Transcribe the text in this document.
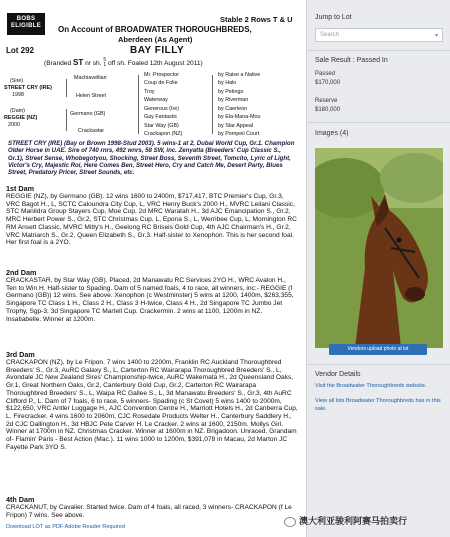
BOBS
ELIGIBLE
Stable 2 Rows T & U
On Account of BROADWATER THOROUGHBREDS,
Aberdeen (As Agent)
Lot 292	BAY FILLY
(Branded ST nr sh. 5
1 off sh. Foaled 12th August 2011)
(Sire)
STREET CRY (IRE)
1998
(Dam)
REGGIE (NZ)
2000
Machiavellian
Helen Street
Germano (GB)
Crackastar
Mr. Prospector
Coup de Folie
Troy
Waterway
Generous (Ire)
Gay Fantastic
Star Way (GB)
Crackapon (NZ)
by Raise a Native
by Halo
by Petingo
by Riverman
by Caerleon
by Ela-Mana-Mou
by Star Appeal
by Pompeii Court
STREET CRY (IRE) (Bay or Brown 1998-Stud 2003). 5 wins-1 at 2, Dubai World Cup, Gr.1. Champion Older Horse in UAE. Sire of 740 rnrs, 492 wnrs, 58 SW, inc. Zenyatta (Breeders' Cup Classic S., Gr.1), Street Sense, Whobegotyou, Shocking, Street Boss, Seventh Street, Tomcito, Lyric of Light, Victor's Cry, Majestic Roi, Here Comes Ben, Street Hero, Cry and Catch Me, Desert Party, Blues Street, Predatory Pricer, Street Sounds, etc.
1st Dam
REGGIE (NZ), by Germano (GB). 12 wins 1600 to 2400m, $717,417, BTC Premier's Cup, Gr.3, VRC Bagot H., L, SCTC Caloundra City Cup, L, VRC Henry Buck's 2000 H., MVRC Leilani Classic, STC Manildra Group Stayers Cup, Moe Cup, 2d MRC Waratah H., 3d AJC Emancipation S., Gr.2, MRC Herbert Power S., Gr.2, STC Christmas Cup, L, Epona S., L, Werribee Cup, L, Mornington RC RM Ansett Classic, MVRC Mitty's H., Geelong RC Briseis Gold Cup, 4th AJC Chairman's H., Gr.2, VRC Matriarch S., Gr.2, Queen Elizabeth S., Gr.3. Half-sister to Xenophon. This is her second foal. Her first foal is a 2YO.
2nd Dam
CRACKASTAR, by Star Way (GB). Placed, 2d Manawatu RC Services 2YO H., WRC Avalon H., Ten to Win H. Half-sister to Spading. Dam of 5 named foals, 4 to race, all winners, inc:- REGGIE (f Germano (GB)) 12 wins. See above. Xenophon (c Westminster) 5 wins at 1200, 1400m, $263,355, Singapore TC Class 1 H., Class 2 H., Class 3 H-twice, Class 4 H., 2d Singapore TC Jumbo Jet Trophy, Sgp-3, 3d Singapore TC Martell Cup. Crackermin. 2 wins at 1100, 1200m in NZ. Insatiabelle. Winner at 1200m.
3rd Dam
CRACKAPON (NZ), by Le Fripon. 7 wins 1400 to 2200m, Franklin RC Auckland Thoroughbred Breeders' S., Gr.3, AuRC Galaxy S., L, Carterton RC Wairarapa Thoroughbred Breeders' S., L, Avondale JC New Zealand Sires' Championship-twice, AuRC Wakemata H., 2d Queensland Oaks, Gr.1, Great Northern Oaks, Gr.2, Canterbury Gold Cup, Gr.2, Carterton RC Wairarapa Thoroughbred Breeders' S., L, Waipa RC Gallee S., L, 3d Manawatu Breeders' S., Gr.3, 4th AuRC Clifford P., L. Dam of 7 foals, 6 to race, 5 winners- Spading (c St Covet) 5 wins 1400 to 2000m, $122,650, VRC Antler Luggage H., AJC Convention Centre H., Marriott Hotels H., 2d Canberra Cup, L. Firecracker. 4 wins 1600 to 2060m, CJC Rosedale Products Welter H., Canterbury Saddlery H., 2d CJC Dallington H., 3d HBJC Pete Carver H. Le Cracker. 2 wins at 1600, 2150m. Mollys Girl. Winner at 1700m in NZ. Christmas Cracker. Winner at 1600m in NZ. Brigadoon. Unraced. Grandam of- Flamin' Paris - Best Action (Mac.). 11 wins 1000 to 1200m, $391,078 in Macau, 2d Marton JC Fayette Park 3YO S.
4th Dam
CRACKANUT, by Cavalier. Started twice. Dam of 4 foals, all raced, 3 winners- CRACKAPON (f Le Fripon) 7 wins. See above.
Download LOT as PDF Adobe Reader Required
Jump to Lot
Search	▾
Sale Result : Passed In
Passed
$170,000
Reserve
$180,000
Images (4)
Vendors upload photo at lot
Vendor Details
Visit the Broadwater Thoroughbreds website.
View all lots Broadwater Thoroughbreds has in this sale.
澳大利亚骏利阿赛马拍卖行
